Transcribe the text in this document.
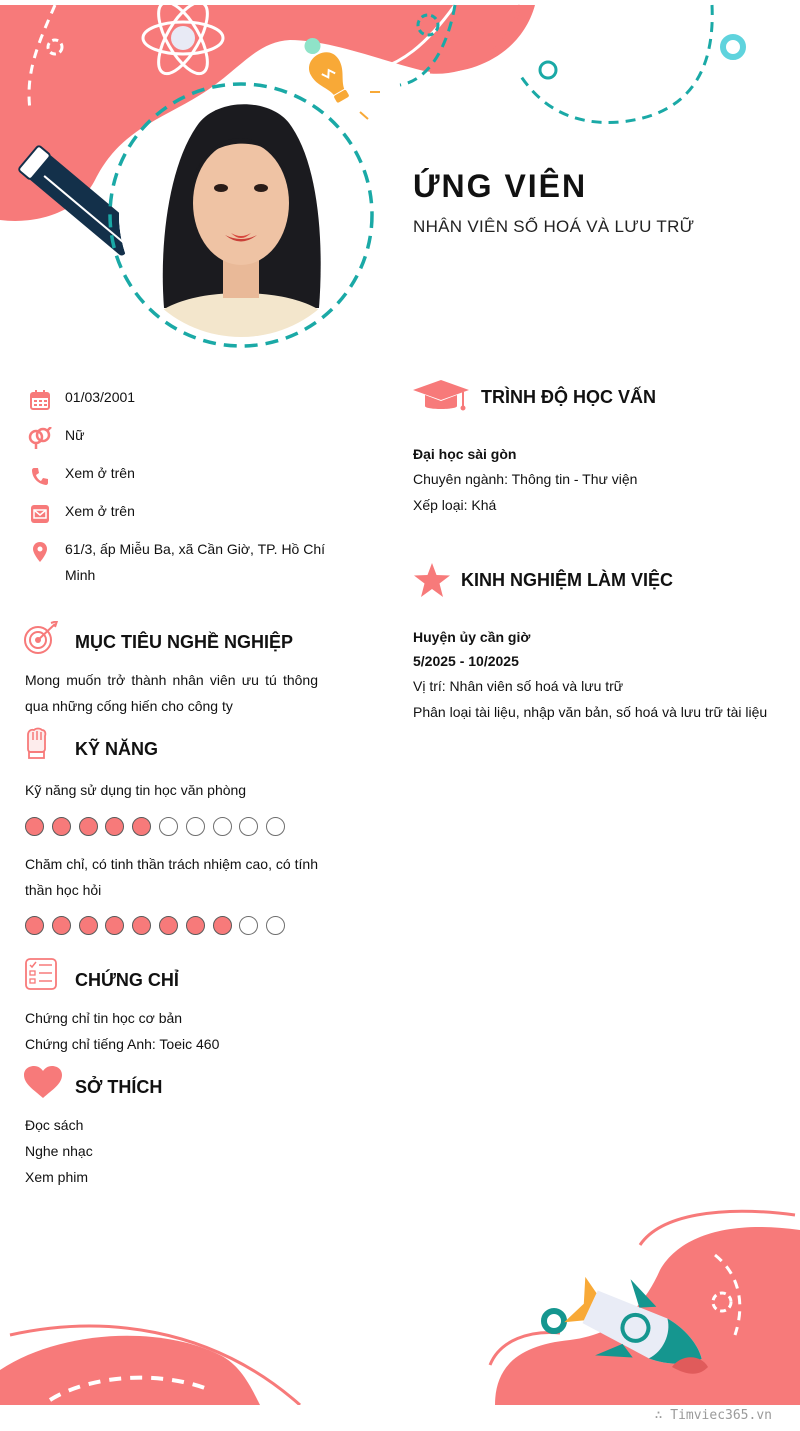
ỨNG VIÊN
NHÂN VIÊN SỐ HOÁ VÀ LƯU TRỮ
01/03/2001
Nữ
Xem ở trên
Xem ở trên
61/3, ấp Miễu Ba, xã Cần Giờ, TP. Hồ Chí Minh
MỤC TIÊU NGHỀ NGHIỆP
Mong muốn trở thành nhân viên ưu tú thông qua những cống hiến cho công ty
KỸ NĂNG
Kỹ năng sử dụng tin học văn phòng
Chăm chỉ, có tinh thần trách nhiệm cao, có tính thần học hỏi
CHỨNG CHỈ
Chứng chỉ tin học cơ bản
Chứng chỉ tiếng Anh: Toeic 460
SỞ THÍCH
Đọc sách
Nghe nhạc
Xem phim
TRÌNH ĐỘ HỌC VẤN
Đại học sài gòn
Chuyên ngành: Thông tin - Thư viện
Xếp loại: Khá
KINH NGHIỆM LÀM VIỆC
Huyện ủy cần giờ
5/2025 - 10/2025
Vị trí: Nhân viên số hoá và lưu trữ
Phân loại tài liệu, nhập văn bản, số hoá và lưu trữ tài liệu
∴ Timviec365.vn
